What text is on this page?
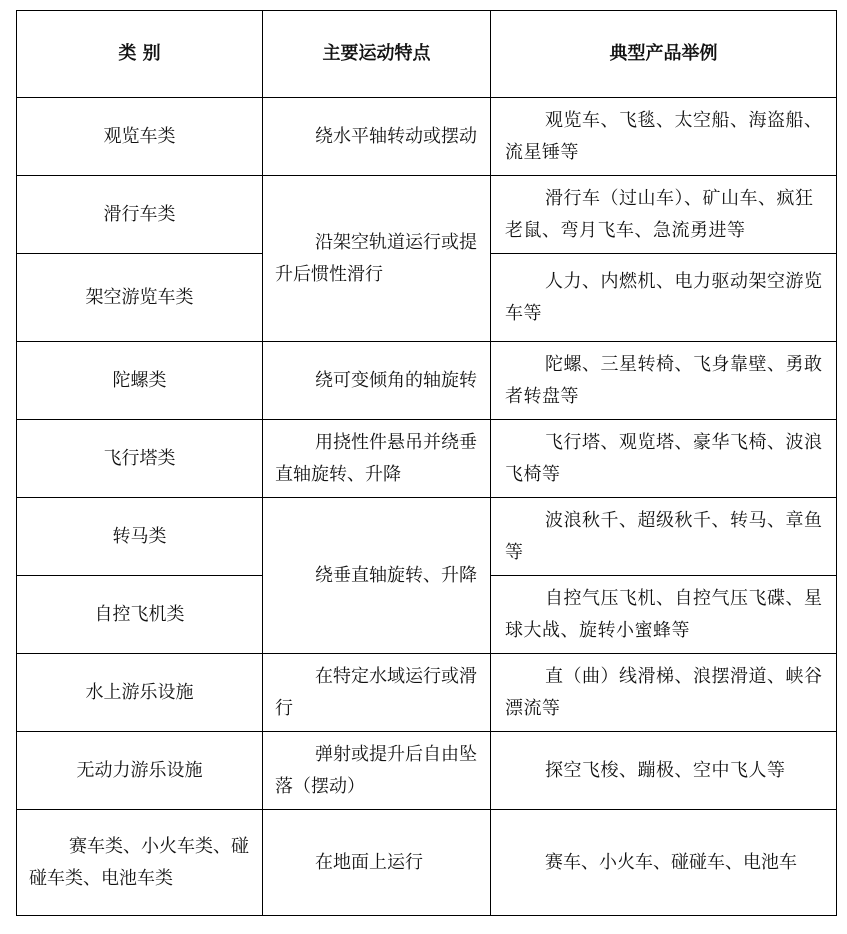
类 别	主要运动特点	典型产品举例
观览车类	绕水平轴转动或摆动	观览车、飞毯、太空船、海盗船、流星锤等
滑行车类	沿架空轨道运行或提升后惯性滑行	滑行车（过山车）、矿山车、疯狂老鼠、弯月飞车、急流勇进等
架空游览车类		人力、内燃机、电力驱动架空游览车等
陀螺类	绕可变倾角的轴旋转	陀螺、三星转椅、飞身靠壁、勇敢者转盘等
飞行塔类	用挠性件悬吊并绕垂直轴旋转、升降	飞行塔、观览塔、豪华飞椅、波浪飞椅等
转马类	绕垂直轴旋转、升降	波浪秋千、超级秋千、转马、章鱼等
自控飞机类		自控气压飞机、自控气压飞碟、星球大战、旋转小蜜蜂等
水上游乐设施	在特定水域运行或滑行	直（曲）线滑梯、浪摆滑道、峡谷漂流等
无动力游乐设施	弹射或提升后自由坠落（摆动）	探空飞梭、蹦极、空中飞人等
赛车类、小火车类、碰碰车类、电池车类	在地面上运行	赛车、小火车、碰碰车、电池车
